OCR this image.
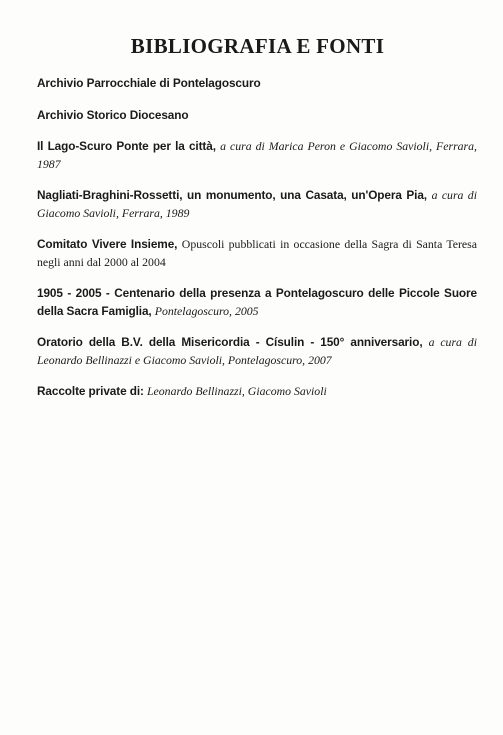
BIBLIOGRAFIA E FONTI
Archivio Parrocchiale di Pontelagoscuro
Archivio Storico Diocesano
Il Lago-Scuro Ponte per la città, a cura di Marica Peron e Giacomo Savioli, Ferrara, 1987
Nagliati-Braghini-Rossetti, un monumento, una Casata, un'Opera Pia, a cura di Giacomo Savioli, Ferrara, 1989
Comitato Vivere Insieme, Opuscoli pubblicati in occasione della Sagra di Santa Teresa negli anni dal 2000 al 2004
1905 - 2005 - Centenario della presenza a Pontelagoscuro delle Piccole Suore della Sacra Famiglia, Pontelagoscuro, 2005
Oratorio della B.V. della Misericordia - Císulin - 150° anniversario, a cura di Leonardo Bellinazzi e Giacomo Savioli, Pontelagoscuro, 2007
Raccolte private di: Leonardo Bellinazzi, Giacomo Savioli
